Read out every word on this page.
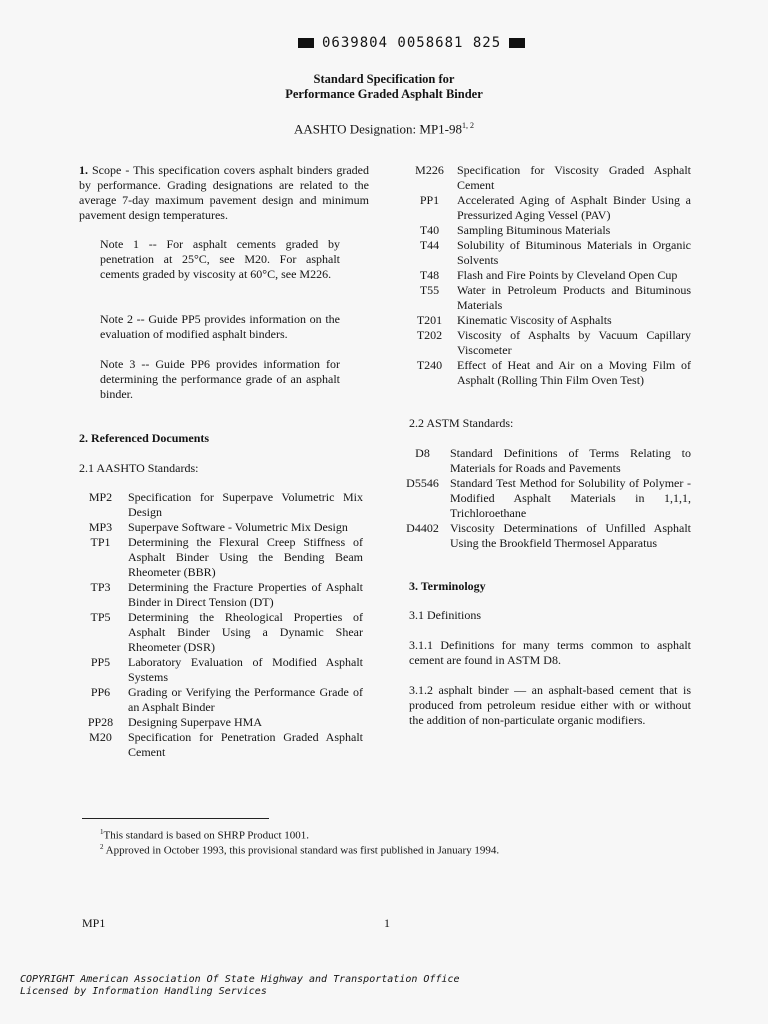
0639804 0058681 825
Standard Specification for
Performance Graded Asphalt Binder
AASHTO Designation: MP1-98$^{1, 2}$

1. Scope - This specification covers asphalt binders graded by performance. Grading designations are related to the average 7-day maximum pavement design and minimum pavement design temperatures.

Note 1 -- For asphalt cements graded by penetration at 25°C, see M20. For asphalt cements graded by viscosity at 60°C, see M226.

Note 2 -- Guide PP5 provides information on the evaluation of modified asphalt binders.

Note 3 -- Guide PP6 provides information for determining the performance grade of an asphalt binder.

2. Referenced Documents
2.1 AASHTO Standards:
MP2	Specification for Superpave Volumetric Mix Design
MP3	Superpave Software - Volumetric Mix Design
TP1	Determining the Flexural Creep Stiffness of Asphalt Binder Using the Bending Beam Rheometer (BBR)
TP3	Determining the Fracture Properties of Asphalt Binder in Direct Tension (DT)
TP5	Determining the Rheological Properties of Asphalt Binder Using a Dynamic Shear Rheometer (DSR)
PP5	Laboratory Evaluation of Modified Asphalt Systems
PP6	Grading or Verifying the Performance Grade of an Asphalt Binder
PP28	Designing Superpave HMA
M20	Specification for Penetration Graded Asphalt Cement
M226	Specification for Viscosity Graded Asphalt Cement
PP1	Accelerated Aging of Asphalt Binder Using a Pressurized Aging Vessel (PAV)
T40	Sampling Bituminous Materials
T44	Solubility of Bituminous Materials in Organic Solvents
T48	Flash and Fire Points by Cleveland Open Cup
T55	Water in Petroleum Products and Bituminous Materials
T201	Kinematic Viscosity of Asphalts
T202	Viscosity of Asphalts by Vacuum Capillary Viscometer
T240	Effect of Heat and Air on a Moving Film of Asphalt (Rolling Thin Film Oven Test)
2.2 ASTM Standards:
D8	Standard Definitions of Terms Relating to Materials for Roads and Pavements
D5546 Standard Test Method for Solubility of Polymer - Modified Asphalt Materials in 1,1,1, Trichloroethane
D4402 Viscosity Determinations of Unfilled Asphalt Using the Brookfield Thermosel Apparatus
3. Terminology
3.1 Definitions

3.1.1 Definitions for many terms common to asphalt cement are found in ASTM D8.

3.1.2 asphalt binder — an asphalt-based cement that is produced from petroleum residue either with or without the addition of non-particulate organic modifiers.

$^1$This standard is based on SHRP Product 1001.
$^2$ Approved in October 1993, this provisional standard was first published in January 1994.
MP1	1
COPYRIGHT American Association Of State Highway and Transportation Office
Licensed by Information Handling Services
